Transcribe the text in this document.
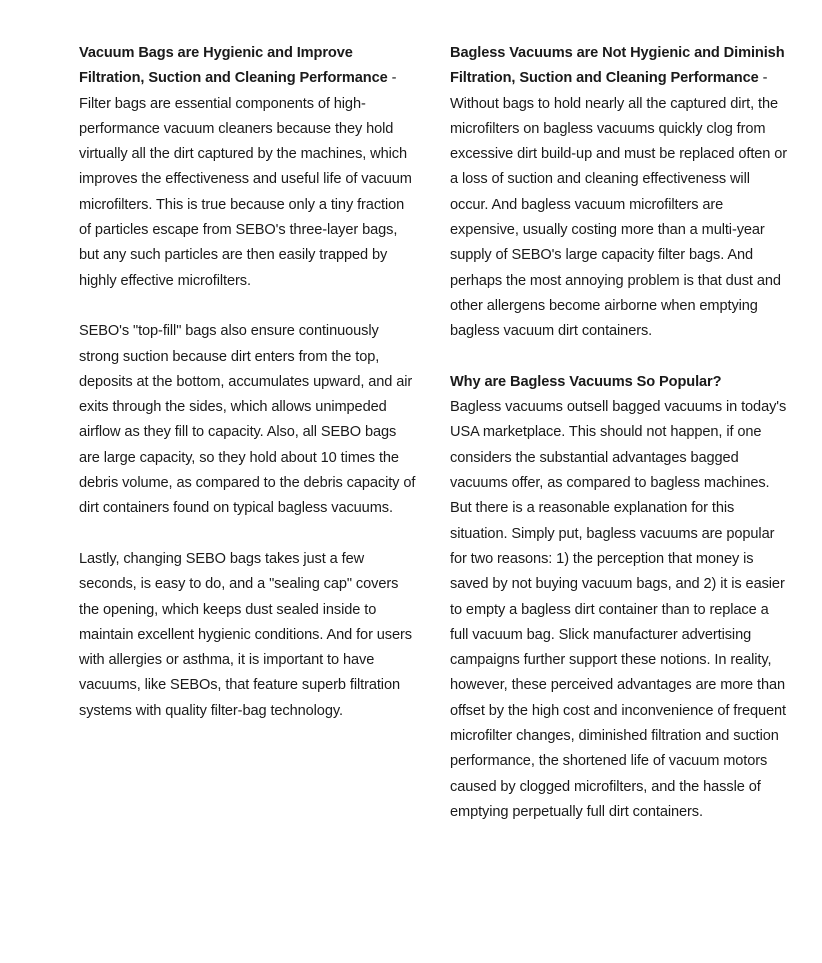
Vacuum Bags are Hygienic and Improve Filtration, Suction and Cleaning Performance - Filter bags are essential components of high-performance vacuum cleaners because they hold virtually all the dirt captured by the machines, which improves the effectiveness and useful life of vacuum microfilters. This is true because only a tiny fraction of particles escape from SEBO's three-layer bags, but any such particles are then easily trapped by highly effective microfilters.

SEBO's "top-fill" bags also ensure continuously strong suction because dirt enters from the top, deposits at the bottom, accumulates upward, and air exits through the sides, which allows unimpeded airflow as they fill to capacity. Also, all SEBO bags are large capacity, so they hold about 10 times the debris volume, as compared to the debris capacity of dirt containers found on typical bagless vacuums.

Lastly, changing SEBO bags takes just a few seconds, is easy to do, and a "sealing cap" covers the opening, which keeps dust sealed inside to maintain excellent hygienic conditions. And for users with allergies or asthma, it is important to have vacuums, like SEBOs, that feature superb filtration systems with quality filter-bag technology.

Bagless Vacuums are Not Hygienic and Diminish Filtration, Suction and Cleaning Performance - Without bags to hold nearly all the captured dirt, the microfilters on bagless vacuums quickly clog from excessive dirt build-up and must be replaced often or a loss of suction and cleaning effectiveness will occur. And bagless vacuum microfilters are expensive, usually costing more than a multi-year supply of SEBO's large capacity filter bags. And perhaps the most annoying problem is that dust and other allergens become airborne when emptying bagless vacuum dirt containers.

Why are Bagless Vacuums So Popular?
Bagless vacuums outsell bagged vacuums in today's USA marketplace. This should not happen, if one considers the substantial advantages bagged vacuums offer, as compared to bagless machines. But there is a reasonable explanation for this situation. Simply put, bagless vacuums are popular for two reasons: 1) the perception that money is saved by not buying vacuum bags, and 2) it is easier to empty a bagless dirt container than to replace a full vacuum bag. Slick manufacturer advertising campaigns further support these notions. In reality, however, these perceived advantages are more than offset by the high cost and inconvenience of frequent microfilter changes, diminished filtration and suction performance, the shortened life of vacuum motors caused by clogged microfilters, and the hassle of emptying perpetually full dirt containers.
